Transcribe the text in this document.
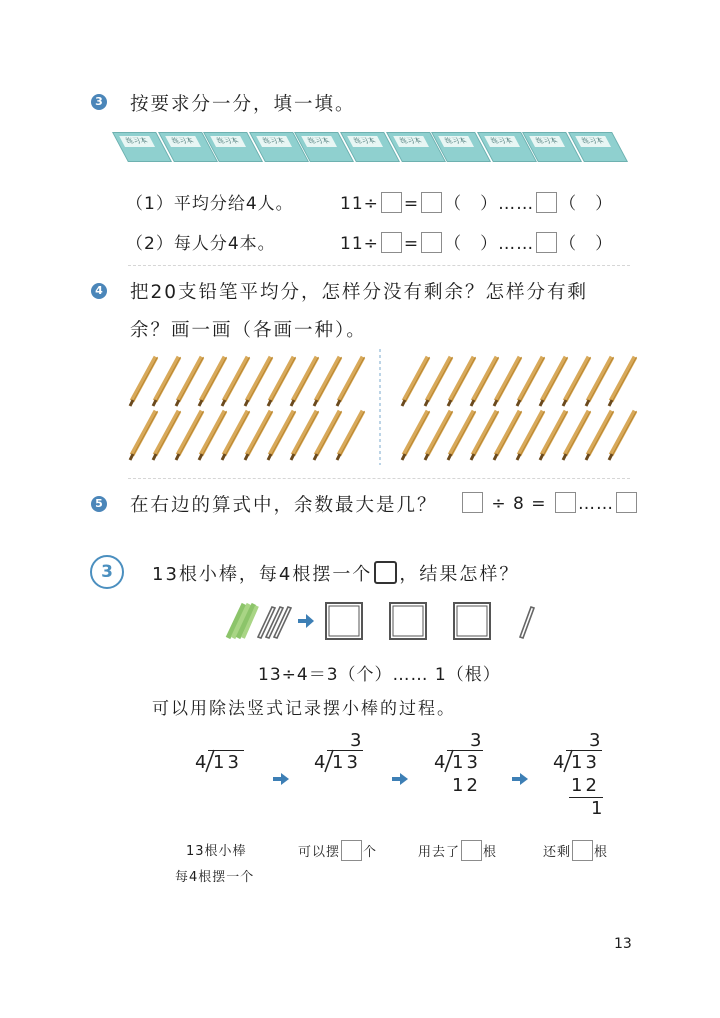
3 按要求分一分，填一填。
练习本	练习本	练习本	练习本	练习本	练习本	练习本	练习本	练习本	练习本	练习本
（1）平均分给4人。	11÷ = （　）…… （　）
（2）每人分4本。	11÷ = （　）…… （　）
4 把20支铅笔平均分，怎样分没有剩余？怎样分有剩
余？画一画（各画一种）。
5 在右边的算式中，余数最大是几？	÷ 8 = ……
3	13根小棒，每4根摆一个 ，结果怎样？
13÷4＝3（个）…… 1（根）
可以用除法竖式记录摆小棒的过程。
4 13	4 13
3
4 13
3
12
4 13
3
12
1
13根小棒
每4根摆一个
可以摆 个	用去了 根	还剩 根
13
